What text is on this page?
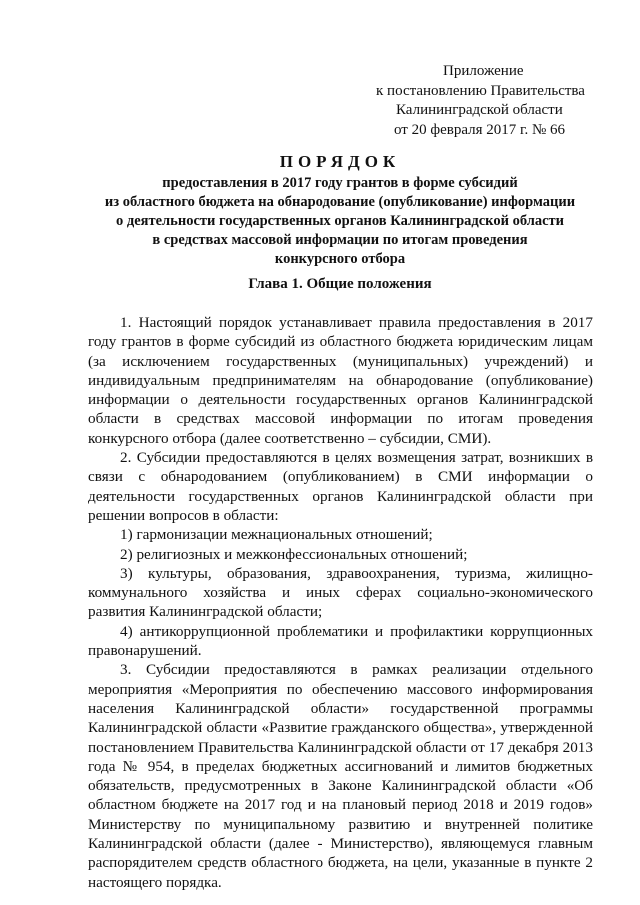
Приложение
к постановлению Правительства
Калининградской области
от 20 февраля 2017 г. № 66
ПОРЯДОК
предоставления в 2017 году грантов в форме субсидий
из областного бюджета на обнародование (опубликование) информации
о деятельности государственных органов Калининградской области
в средствах массовой информации по итогам проведения
конкурсного отбора
Глава 1. Общие положения

1. Настоящий порядок устанавливает правила предоставления в 2017 году грантов в форме субсидий из областного бюджета юридическим лицам (за исключением государственных (муниципальных) учреждений) и индивидуальным предпринимателям на обнародование (опубликование) информации о деятельности государственных органов Калининградской области в средствах массовой информации по итогам проведения конкурсного отбора (далее соответственно – субсидии, СМИ).

2. Субсидии предоставляются в целях возмещения затрат, возникших в связи с обнародованием (опубликованием) в СМИ информации о деятельности государственных органов Калининградской области при решении вопросов в области:

1) гармонизации межнациональных отношений;

2) религиозных и межконфессиональных отношений;

3) культуры, образования, здравоохранения, туризма, жилищно-коммунального хозяйства и иных сферах социально-экономического развития Калининградской области;

4) антикоррупционной проблематики и профилактики коррупционных правонарушений.

3. Субсидии предоставляются в рамках реализации отдельного мероприятия «Мероприятия по обеспечению массового информирования населения Калининградской области» государственной программы Калининградской области «Развитие гражданского общества», утвержденной постановлением Правительства Калининградской области от 17 декабря 2013 года № 954, в пределах бюджетных ассигнований и лимитов бюджетных обязательств, предусмотренных в Законе Калининградской области «Об областном бюджете на 2017 год и на плановый период 2018 и 2019 годов» Министерству по муниципальному развитию и внутренней политике Калининградской области (далее - Министерство), являющемуся главным распорядителем средств областного бюджета, на цели, указанные в пункте 2 настоящего порядка.
